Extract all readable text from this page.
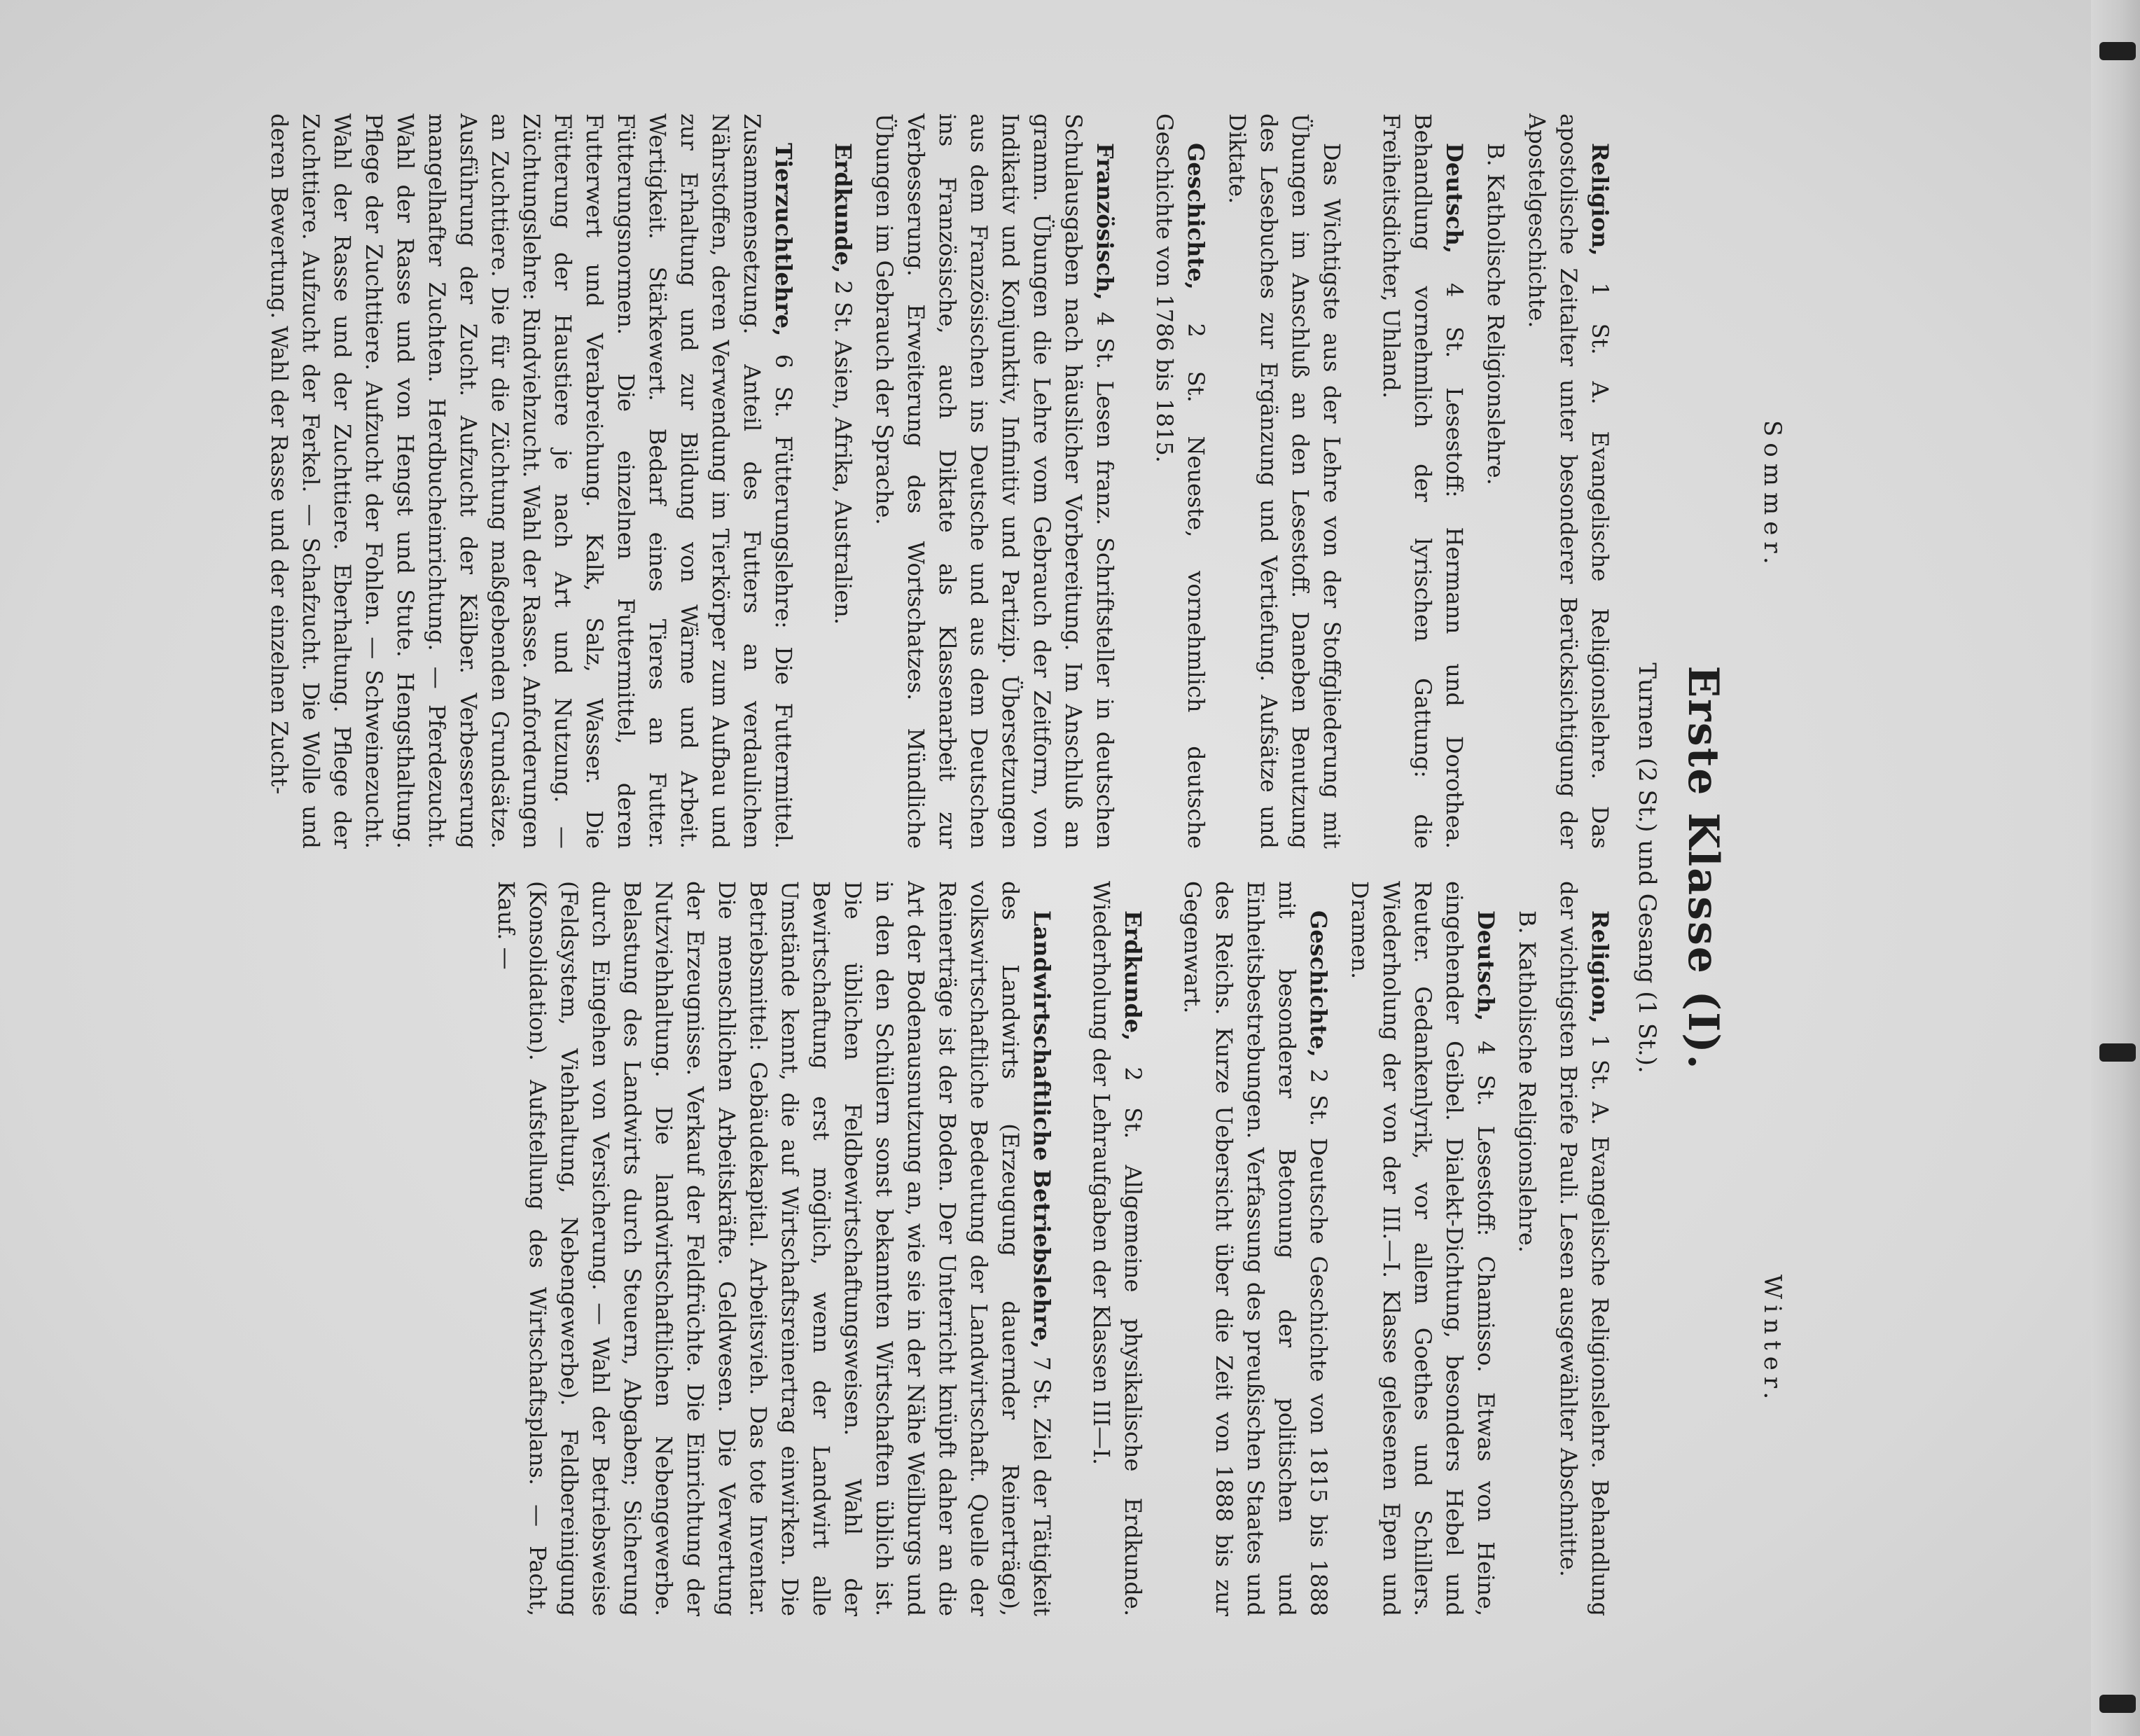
Sommer.
Winter.
Erste Klasse (I).
Turnen (2 St.) und Gesang (1 St.).

Religion, 1 St. A. Evangelische Religionslehre. Das apostolische Zeitalter unter besonderer Berücksichtigung der Apostelgeschichte.

B. Katholische Religionslehre.

Deutsch, 4 St. Lesestoff: Hermann und Dorothea. Behandlung vornehmlich der lyrischen Gattung: die Freiheitsdichter, Uhland.

Das Wichtigste aus der Lehre von der Stoffgliederung mit Übungen im Anschluß an den Lesestoff. Daneben Benutzung des Lesebuches zur Ergänzung und Vertiefung. Aufsätze und Diktate.

Geschichte, 2 St. Neueste, vornehmlich deutsche Geschichte von 1786 bis 1815.

Französisch, 4 St. Lesen franz. Schriftsteller in deutschen Schulausgaben nach häuslicher Vorbereitung. Im Anschluß an gramm. Übungen die Lehre vom Gebrauch der Zeitform, von Indikativ und Konjunktiv, Infinitiv und Partizip. Übersetzungen aus dem Französischen ins Deutsche und aus dem Deutschen ins Französische, auch Diktate als Klassenarbeit zur Verbesserung. Erweiterung des Wortschatzes. Mündliche Übungen im Gebrauch der Sprache.

Erdkunde, 2 St. Asien, Afrika, Australien.

Tierzuchtlehre, 6 St. Fütterungslehre: Die Futtermittel. Zusammensetzung. Anteil des Futters an verdaulichen Nährstoffen, deren Verwendung im Tierkörper zum Aufbau und zur Erhaltung und zur Bildung von Wärme und Arbeit. Wertigkeit. Stärkewert. Bedarf eines Tieres an Futter. Fütterungsnormen. Die einzelnen Futtermittel, deren Futterwert und Verabreichung. Kalk, Salz, Wasser. Die Fütterung der Haustiere je nach Art und Nutzung. — Züchtungslehre: Rindviehzucht. Wahl der Rasse. Anforderungen an Zuchttiere. Die für die Züchtung maßgebenden Grundsätze. Ausführung der Zucht. Aufzucht der Kälber. Verbesserung mangelhafter Zuchten. Herdbucheinrichtung. — Pferdezucht. Wahl der Rasse und von Hengst und Stute. Hengsthaltung. Pflege der Zuchttiere. Aufzucht der Fohlen. — Schweinezucht. Wahl der Rasse und der Zuchttiere. Eberhaltung. Pflege der Zuchttiere. Aufzucht der Ferkel. — Schafzucht. Die Wolle und deren Bewertung. Wahl der Rasse und der einzelnen Zucht-

Religion, 1 St. A. Evangelische Religionslehre. Behandlung der wichtigsten Briefe Pauli. Lesen ausgewählter Abschnitte.

B. Katholische Religionslehre.

Deutsch, 4 St. Lesestoff: Chamisso. Etwas von Heine, eingehender Geibel. Dialekt-Dichtung, besonders Hebel und Reuter. Gedankenlyrik, vor allem Goethes und Schillers. Wiederholung der von der III.—I. Klasse gelesenen Epen und Dramen.

Geschichte, 2 St. Deutsche Geschichte von 1815 bis 1888 mit besonderer Betonung der politischen und Einheitsbestrebungen. Verfassung des preußischen Staates und des Reichs. Kurze Uebersicht über die Zeit von 1888 bis zur Gegenwart.

Erdkunde, 2 St. Allgemeine physikalische Erdkunde. Wiederholung der Lehraufgaben der Klassen III—I.

Landwirtschaftliche Betriebslehre, 7 St. Ziel der Tätigkeit des Landwirts (Erzeugung dauernder Reinerträge), volkswirtschaftliche Bedeutung der Landwirtschaft. Quelle der Reinerträge ist der Boden. Der Unterricht knüpft daher an die Art der Bodenausnutzung an, wie sie in der Nähe Weilburgs und in den den Schülern sonst bekannten Wirtschaften üblich ist. Die üblichen Feldbewirtschaftungsweisen. Wahl der Bewirtschaftung erst möglich, wenn der Landwirt alle Umstände kennt, die auf Wirtschaftsreinertrag einwirken. Die Betriebsmittel: Gebäudekapital. Arbeitsvieh. Das tote Inventar. Die menschlichen Arbeitskräfte. Geldwesen. Die Verwertung der Erzeugnisse. Verkauf der Feldfrüchte. Die Einrichtung der Nutzviehhaltung. Die landwirtschaftlichen Nebengewerbe. Belastung des Landwirts durch Steuern, Abgaben; Sicherung durch Eingehen von Versicherung. — Wahl der Betriebsweise (Feldsystem, Viehhaltung, Nebengewerbe). Feldbereinigung (Konsolidation). Aufstellung des Wirtschaftsplans. — Pacht, Kauf. —
